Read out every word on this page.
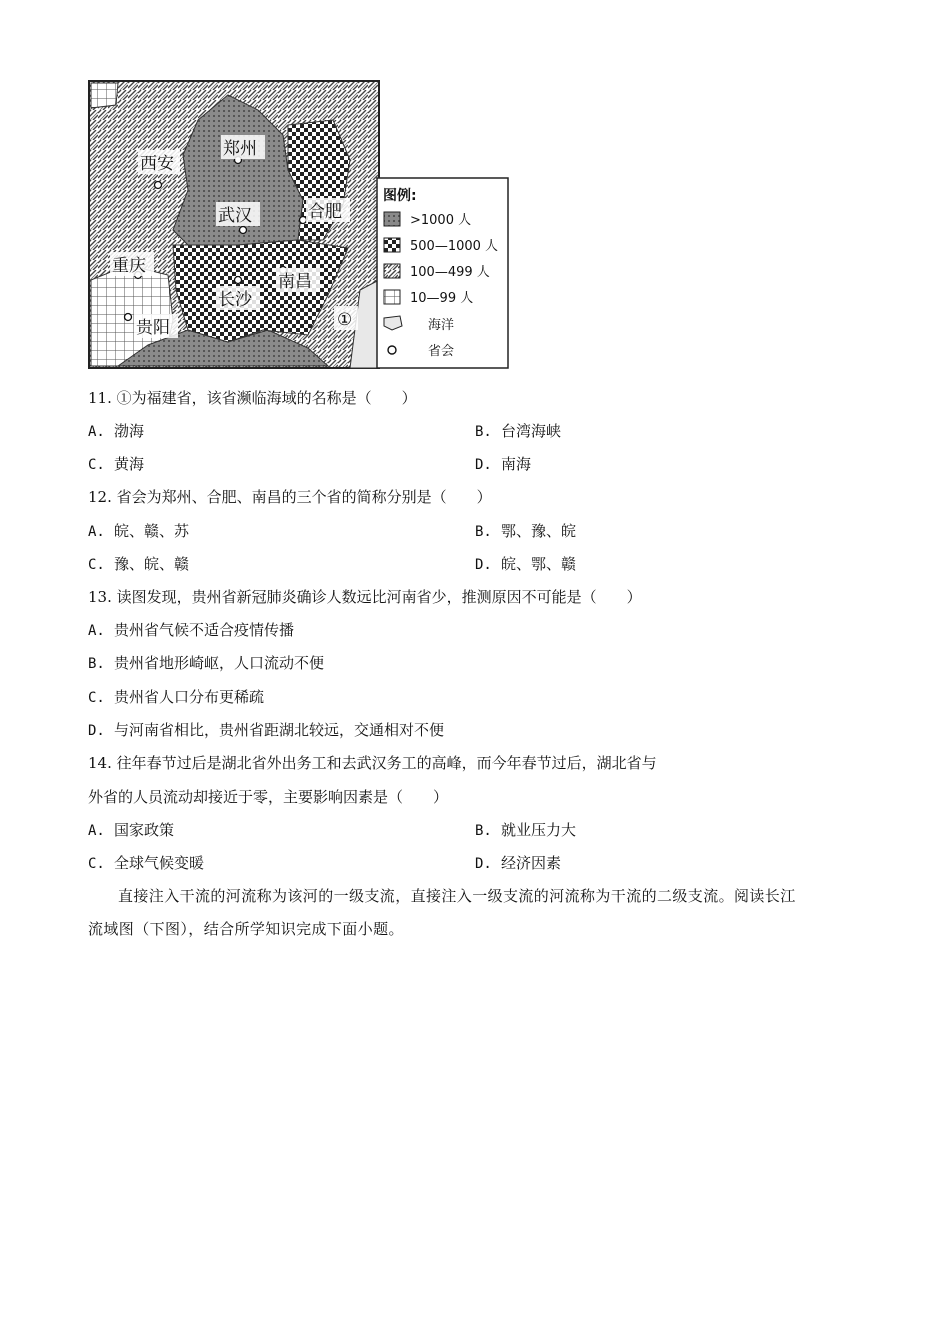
西安
郑州
武汉	合肥
重庆
长沙
南昌
贵阳	①
图例:
>1000 人
500—1000 人
100—499 人
10—99 人
海洋
省会
11. ①为福建省，该省濒临海域的名称是（　　）
A. 渤海	B. 台湾海峡
C. 黄海	D. 南海
12. 省会为郑州、合肥、南昌的三个省的简称分别是（　　）
A. 皖、赣、苏	B. 鄂、豫、皖
C. 豫、皖、赣	D. 皖、鄂、赣
13. 读图发现，贵州省新冠肺炎确诊人数远比河南省少，推测原因不可能是（　　）
A. 贵州省气候不适合疫情传播
B. 贵州省地形崎岖，人口流动不便
C. 贵州省人口分布更稀疏
D. 与河南省相比，贵州省距湖北较远，交通相对不便
14. 往年春节过后是湖北省外出务工和去武汉务工的高峰，而今年春节过后，湖北省与
外省的人员流动却接近于零，主要影响因素是（　　）
A. 国家政策	B. 就业压力大
C. 全球气候变暖	D. 经济因素
直接注入干流的河流称为该河的一级支流，直接注入一级支流的河流称为干流的二级支流。阅读长江
流域图（下图），结合所学知识完成下面小题。
